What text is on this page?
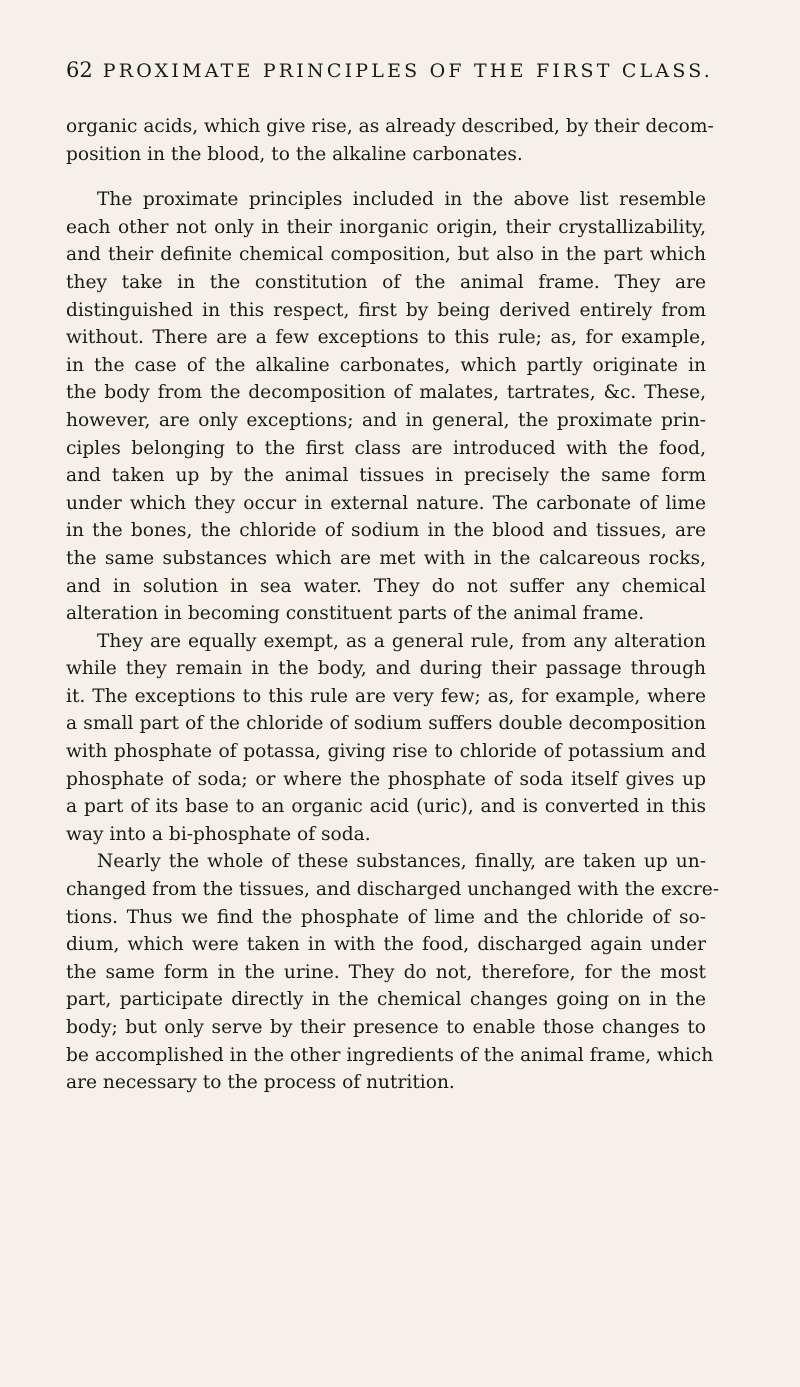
62 PROXIMATE PRINCIPLES OF THE FIRST CLASS.
organic acids, which give rise, as already described, by their decom-
position in the blood, to the alkaline carbonates.
The proximate principles included in the above list resemble
each other not only in their inorganic origin, their crystallizability,
and their definite chemical composition, but also in the part which
they take in the constitution of the animal frame. They are
distinguished in this respect, first by being derived entirely from
without. There are a few exceptions to this rule; as, for example,
in the case of the alkaline carbonates, which partly originate in
the body from the decomposition of malates, tartrates, &c. These,
however, are only exceptions; and in general, the proximate prin-
ciples belonging to the first class are introduced with the food,
and taken up by the animal tissues in precisely the same form
under which they occur in external nature. The carbonate of lime
in the bones, the chloride of sodium in the blood and tissues, are
the same substances which are met with in the calcareous rocks,
and in solution in sea water. They do not suffer any chemical
alteration in becoming constituent parts of the animal frame.
They are equally exempt, as a general rule, from any alteration
while they remain in the body, and during their passage through
it. The exceptions to this rule are very few; as, for example, where
a small part of the chloride of sodium suffers double decomposition
with phosphate of potassa, giving rise to chloride of potassium and
phosphate of soda; or where the phosphate of soda itself gives up
a part of its base to an organic acid (uric), and is converted in this
way into a bi-phosphate of soda.
Nearly the whole of these substances, finally, are taken up un-
changed from the tissues, and discharged unchanged with the excre-
tions. Thus we find the phosphate of lime and the chloride of so-
dium, which were taken in with the food, discharged again under
the same form in the urine. They do not, therefore, for the most
part, participate directly in the chemical changes going on in the
body; but only serve by their presence to enable those changes to
be accomplished in the other ingredients of the animal frame, which
are necessary to the process of nutrition.
